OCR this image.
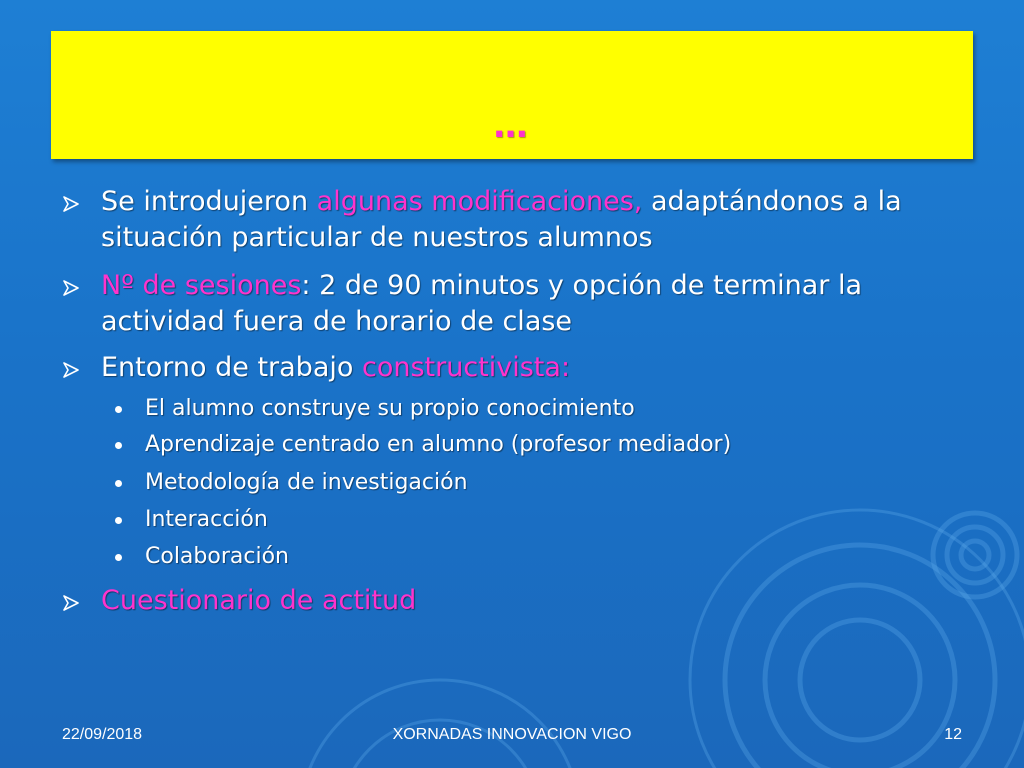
…
Se introdujeron algunas modificaciones, adaptándonos a la situación particular de nuestros alumnos
Nº de sesiones: 2 de 90 minutos y opción de terminar la actividad fuera de horario de clase
Entorno de trabajo constructivista:
El alumno construye su propio conocimiento
Aprendizaje centrado en alumno (profesor mediador)
Metodología de investigación
Interacción
Colaboración
Cuestionario de actitud
22/09/2018	XORNADAS INNOVACION VIGO	12
